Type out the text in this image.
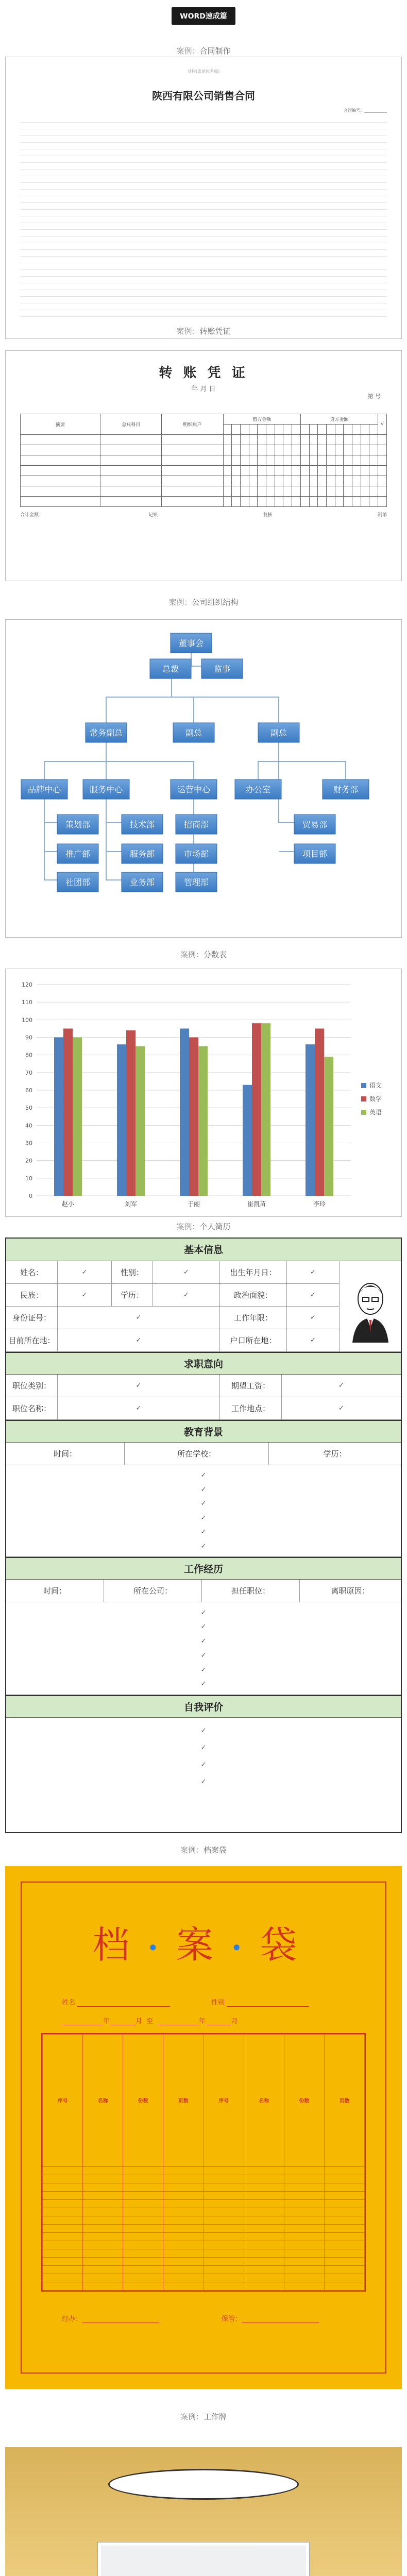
WORD速成篇
案例：合同制作
甘特(或单位名称)
陕西有限公司销售合同
合同编号：___________
案例：转账凭证
转 账 凭 证
年 月 日
第 号
摘要	总账科目	明细账户	借方金额									贷方金额									√

合计金额：	记账	复核	制单
案例：公司组织结构
董事会
总裁	监事
常务副总	副总	副总
品牌中心	服务中心	运营中心	办公室	财务部
策划部	技术部	招商部	贸易部
推广部	服务部	市场部	项目部
社团部	业务部	管理部
案例：分数表
0
10
20
30
40
50
60
70
80
90
100
110
120
赵小	刘军	于丽	崔凯苗	李玲
语文
数学
英语
案例：个人简历
基本信息
姓名：	✓	性别：	✓	出生年月日：	✓
民族：	✓	学历：	✓	政治面貌：	✓
身份证号：	✓	工作年限：	✓
目前所在地：	✓	户口所在地：	✓
求职意向
职位类别：	✓	期望工资：	✓
职位名称：	✓	工作地点：	✓
教育背景
时间：	所在学校：	学历：
✓
✓
✓
✓
✓
✓
工作经历
时间：	所在公司：	担任职位：	离职原因：
✓
✓
✓
✓
✓
✓
自我评价
✓
✓
✓
✓
案例：档案袋
档•案•袋
姓名	性别
年	月 至	年	月
序号	名称	份数	页数	序号	名称	份数	页数

经办：	保管：
案例：工作牌
